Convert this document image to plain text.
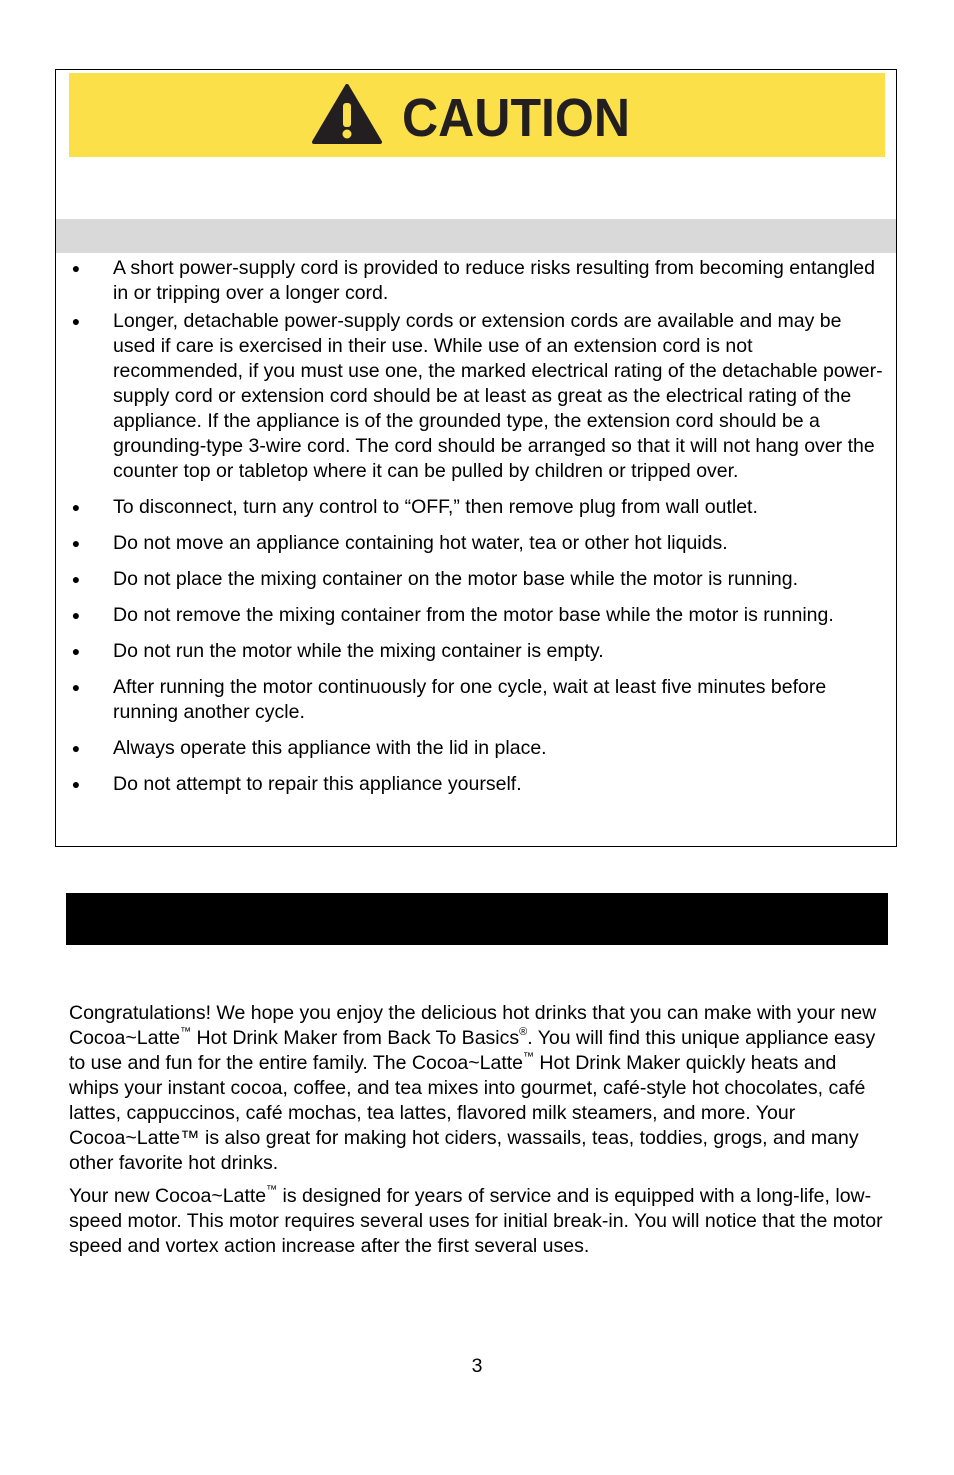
CAUTION
● A short power-supply cord is provided to reduce risks resulting from becoming entangled in or tripping over a longer cord.
● Longer, detachable power-supply cords or extension cords are available and may be used if care is exercised in their use. While use of an extension cord is not recommended, if you must use one, the marked electrical rating of the detachable power-supply cord or extension cord should be at least as great as the electrical rating of the appliance. If the appliance is of the grounded type, the extension cord should be a grounding-type 3-wire cord. The cord should be arranged so that it will not hang over the counter top or tabletop where it can be pulled by children or tripped over.
● To disconnect, turn any control to “OFF,” then remove plug from wall outlet.
● Do not move an appliance containing hot water, tea or other hot liquids.
● Do not place the mixing container on the motor base while the motor is running.
● Do not remove the mixing container from the motor base while the motor is running.
● Do not run the motor while the mixing container is empty.
● After running the motor continuously for one cycle, wait at least five minutes before running another cycle.
● Always operate this appliance with the lid in place.
● Do not attempt to repair this appliance yourself.

Congratulations! We hope you enjoy the delicious hot drinks that you can make with your new Cocoa~Latte™ Hot Drink Maker from Back To Basics®. You will find this unique appliance easy to use and fun for the entire family. The Cocoa~Latte™ Hot Drink Maker quickly heats and whips your instant cocoa, coffee, and tea mixes into gourmet, café-style hot chocolates, café lattes, cappuccinos, café mochas, tea lattes, flavored milk steamers, and more. Your Cocoa~Latte™ is also great for making hot ciders, wassails, teas, toddies, grogs, and many other favorite hot drinks.

Your new Cocoa~Latte™ is designed for years of service and is equipped with a long-life, low-speed motor. This motor requires several uses for initial break-in. You will notice that the motor speed and vortex action increase after the first several uses.

3
